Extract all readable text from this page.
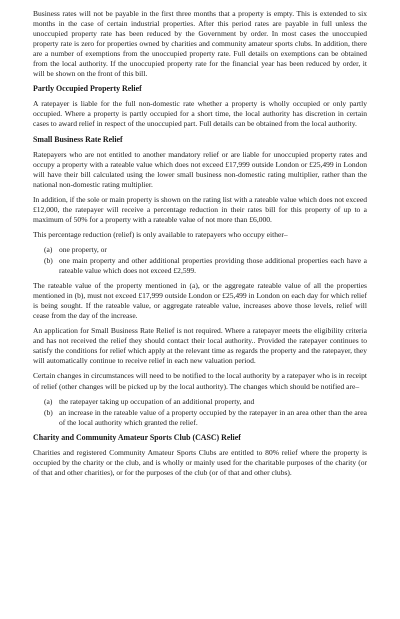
Business rates will not be payable in the first three months that a property is empty. This is extended to six months in the case of certain industrial properties. After this period rates are payable in full unless the unoccupied property rate has been reduced by the Government by order. In most cases the unoccupied property rate is zero for properties owned by charities and community amateur sports clubs. In addition, there are a number of exemptions from the unoccupied property rate. Full details on exemptions can be obtained from the local authority. If the unoccupied property rate for the financial year has been reduced by order, it will be shown on the front of this bill.

Partly Occupied Property Relief

A ratepayer is liable for the full non-domestic rate whether a property is wholly occupied or only partly occupied. Where a property is partly occupied for a short time, the local authority has discretion in certain cases to award relief in respect of the unoccupied part. Full details can be obtained from the local authority.

Small Business Rate Relief

Ratepayers who are not entitled to another mandatory relief or are liable for unoccupied property rates and occupy a property with a rateable value which does not exceed £17,999 outside London or £25,499 in London will have their bill calculated using the lower small business non-domestic rating multiplier, rather than the national non-domestic rating multiplier.

In addition, if the sole or main property is shown on the rating list with a rateable value which does not exceed £12,000, the ratepayer will receive a percentage reduction in their rates bill for this property of up to a maximum of 50% for a property with a rateable value of not more than £6,000.

This percentage reduction (relief) is only available to ratepayers who occupy either–

(a) one property, or
(b) one main property and other additional properties providing those additional properties each have a rateable value which does not exceed £2,599.

The rateable value of the property mentioned in (a), or the aggregate rateable value of all the properties mentioned in (b), must not exceed £17,999 outside London or £25,499 in London on each day for which relief is being sought. If the rateable value, or aggregate rateable value, increases above those levels, relief will cease from the day of the increase.

An application for Small Business Rate Relief is not required. Where a ratepayer meets the eligibility criteria and has not received the relief they should contact their local authority.. Provided the ratepayer continues to satisfy the conditions for relief which apply at the relevant time as regards the property and the ratepayer, they will automatically continue to receive relief in each new valuation period.

Certain changes in circumstances will need to be notified to the local authority by a ratepayer who is in receipt of relief (other changes will be picked up by the local authority). The changes which should be notified are–

(a) the ratepayer taking up occupation of an additional property, and
(b) an increase in the rateable value of a property occupied by the ratepayer in an area other than the area of the local authority which granted the relief.
Charity and Community Amateur Sports Club (CASC) Relief

Charities and registered Community Amateur Sports Clubs are entitled to 80% relief where the property is occupied by the charity or the club, and is wholly or mainly used for the charitable purposes of the charity (or of that and other charities), or for the purposes of the club (or of that and other clubs).
